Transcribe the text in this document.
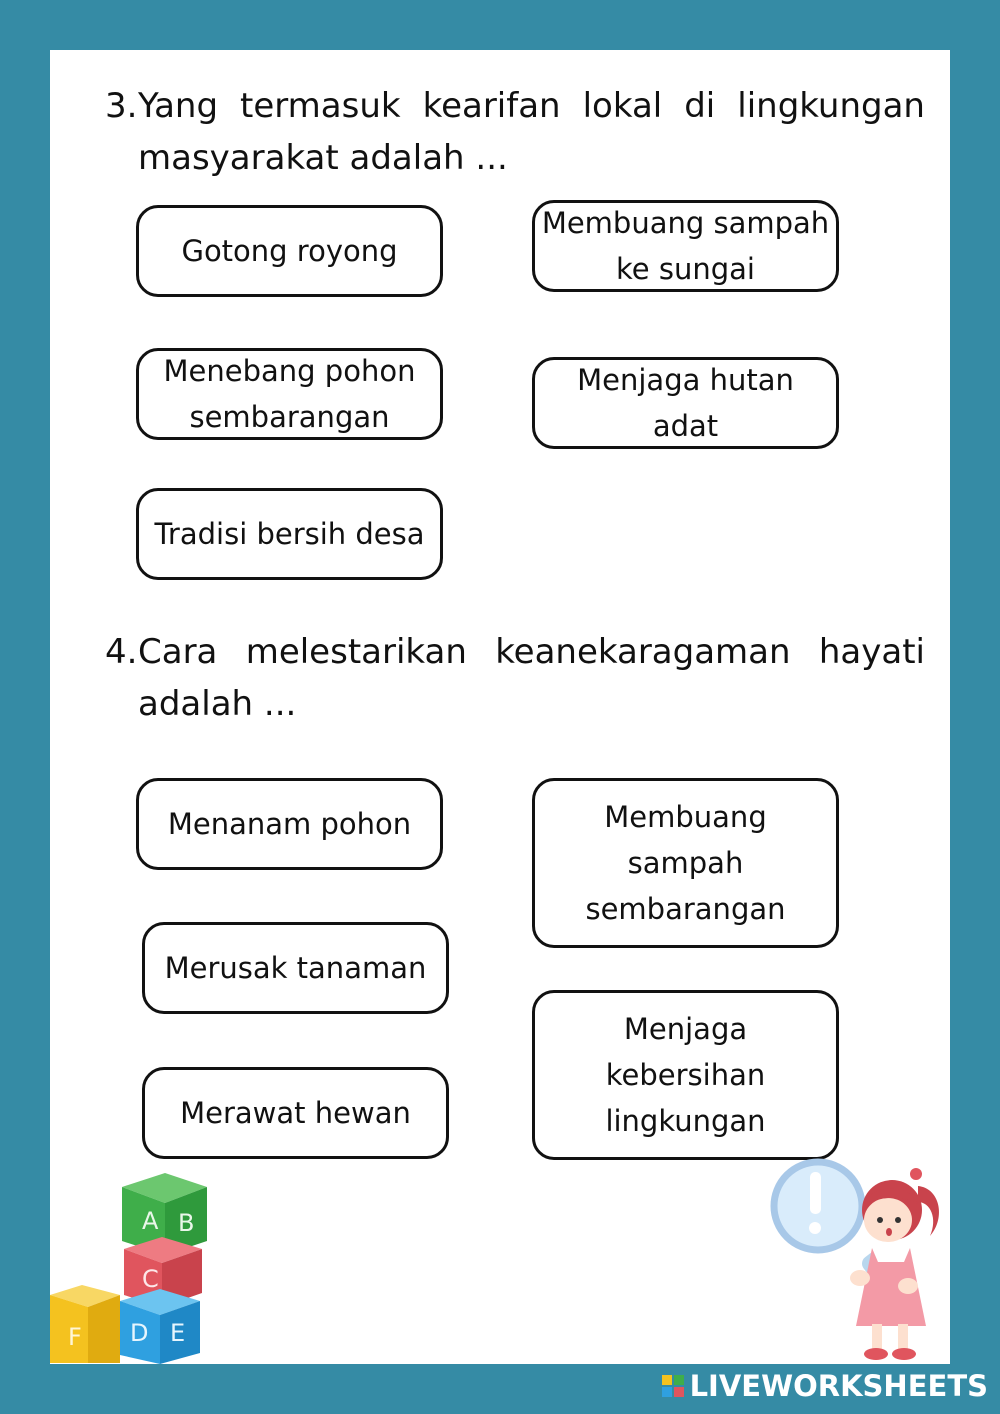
3. Yang termasuk kearifan lokal di lingkungan
masyarakat adalah ...
Gotong royong
Membuang sampah ke sungai
Menebang pohon sembarangan
Menjaga hutan adat
Tradisi bersih desa
4. Cara melestarikan keanekaragaman hayati
adalah ...
Menanam pohon	Membuang sampah sembarangan
Merusak tanaman
Menjaga kebersihan lingkungan
Merawat hewan
A B
C
F D E
LIVEWORKSHEETS
